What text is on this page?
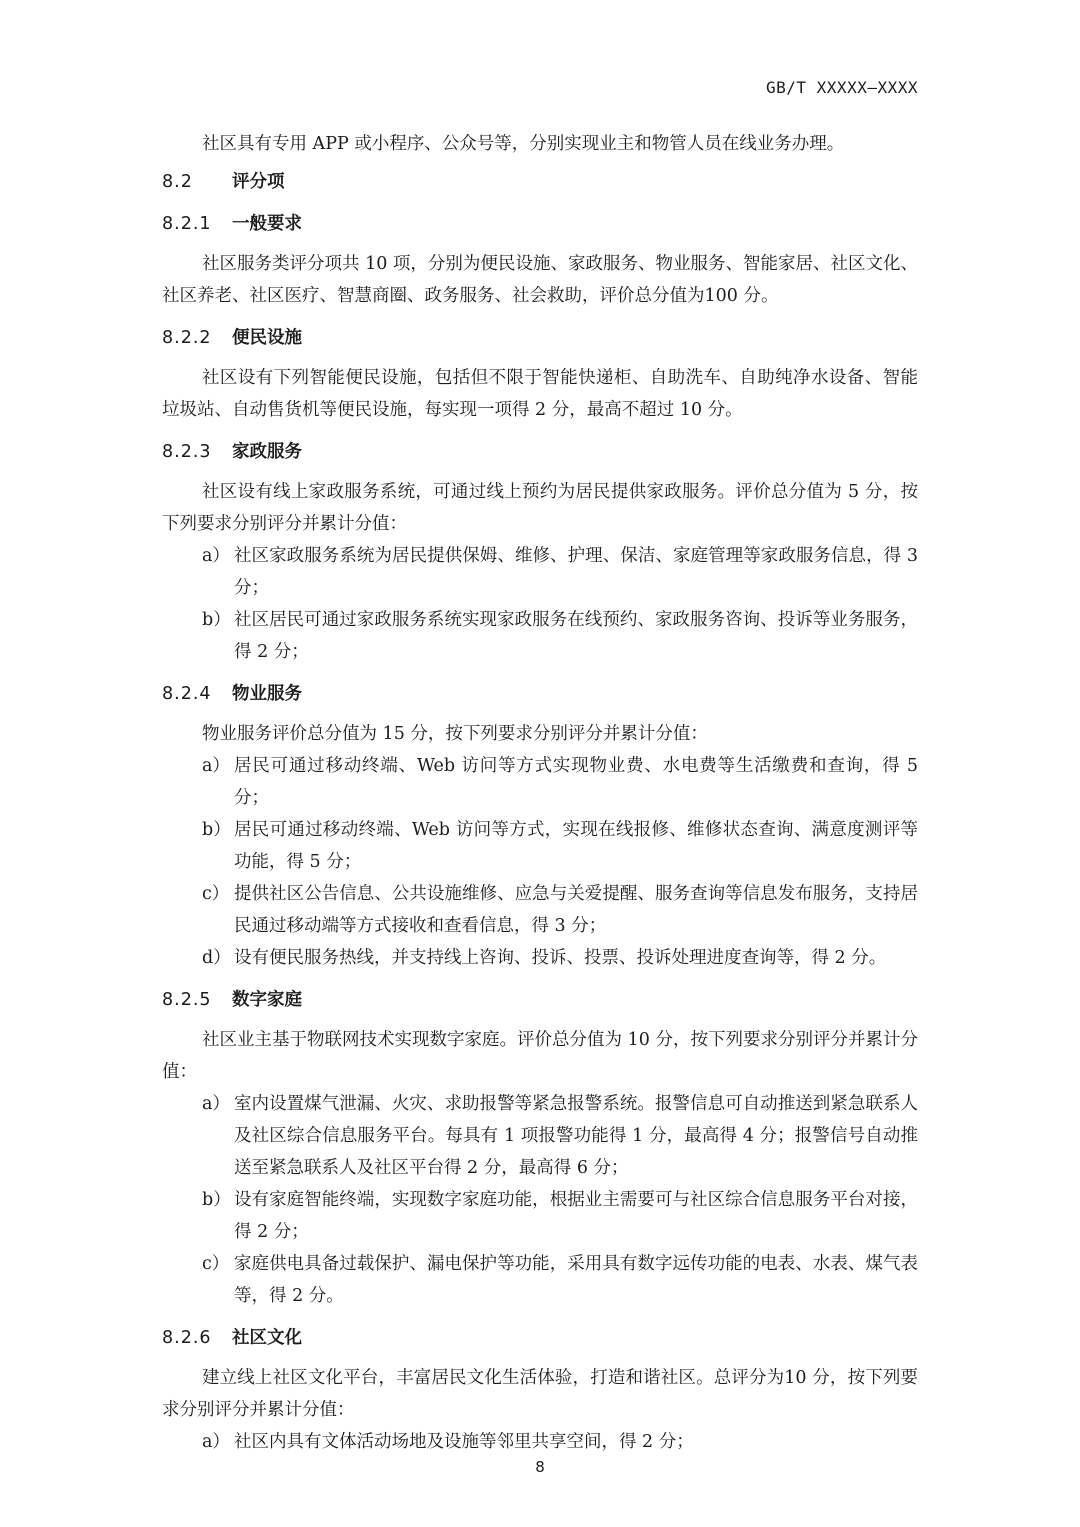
GB/T XXXXX—XXXX

社区具有专用 APP 或小程序、公众号等，分别实现业主和物管人员在线业务办理。

8.2	评分项
8.2.1	一般要求

社区服务类评分项共 10 项，分别为便民设施、家政服务、物业服务、智能家居、社区文化、社区养老、社区医疗、智慧商圈、政务服务、社会救助，评价总分值为100 分。

8.2.2	便民设施

社区设有下列智能便民设施，包括但不限于智能快递柜、自助洗车、自助纯净水设备、智能垃圾站、自动售货机等便民设施，每实现一项得 2 分，最高不超过 10 分。

8.2.3	家政服务

社区设有线上家政服务系统，可通过线上预约为居民提供家政服务。评价总分值为 5 分，按下列要求分别评分并累计分值：

a） 社区家政服务系统为居民提供保姆、维修、护理、保洁、家庭管理等家政服务信息，得 3 分；
b） 社区居民可通过家政服务系统实现家政服务在线预约、家政服务咨询、投诉等业务服务，得 2 分；
8.2.4	物业服务

物业服务评价总分值为 15 分，按下列要求分别评分并累计分值：

a） 居民可通过移动终端、Web 访问等方式实现物业费、水电费等生活缴费和查询，得 5 分；
b） 居民可通过移动终端、Web 访问等方式，实现在线报修、维修状态查询、满意度测评等功能，得 5 分；
c） 提供社区公告信息、公共设施维修、应急与关爱提醒、服务查询等信息发布服务，支持居民通过移动端等方式接收和查看信息，得 3 分；
d） 设有便民服务热线，并支持线上咨询、投诉、投票、投诉处理进度查询等，得 2 分。
8.2.5	数字家庭

社区业主基于物联网技术实现数字家庭。评价总分值为 10 分，按下列要求分别评分并累计分值：

a） 室内设置煤气泄漏、火灾、求助报警等紧急报警系统。报警信息可自动推送到紧急联系人及社区综合信息服务平台。每具有 1 项报警功能得 1 分，最高得 4 分；报警信号自动推送至紧急联系人及社区平台得 2 分，最高得 6 分；
b） 设有家庭智能终端，实现数字家庭功能，根据业主需要可与社区综合信息服务平台对接，得 2 分；
c） 家庭供电具备过载保护、漏电保护等功能，采用具有数字远传功能的电表、水表、煤气表等，得 2 分。
8.2.6	社区文化

建立线上社区文化平台，丰富居民文化生活体验，打造和谐社区。总评分为10 分，按下列要求分别评分并累计分值：

a） 社区内具有文体活动场地及设施等邻里共享空间，得 2 分；
8
